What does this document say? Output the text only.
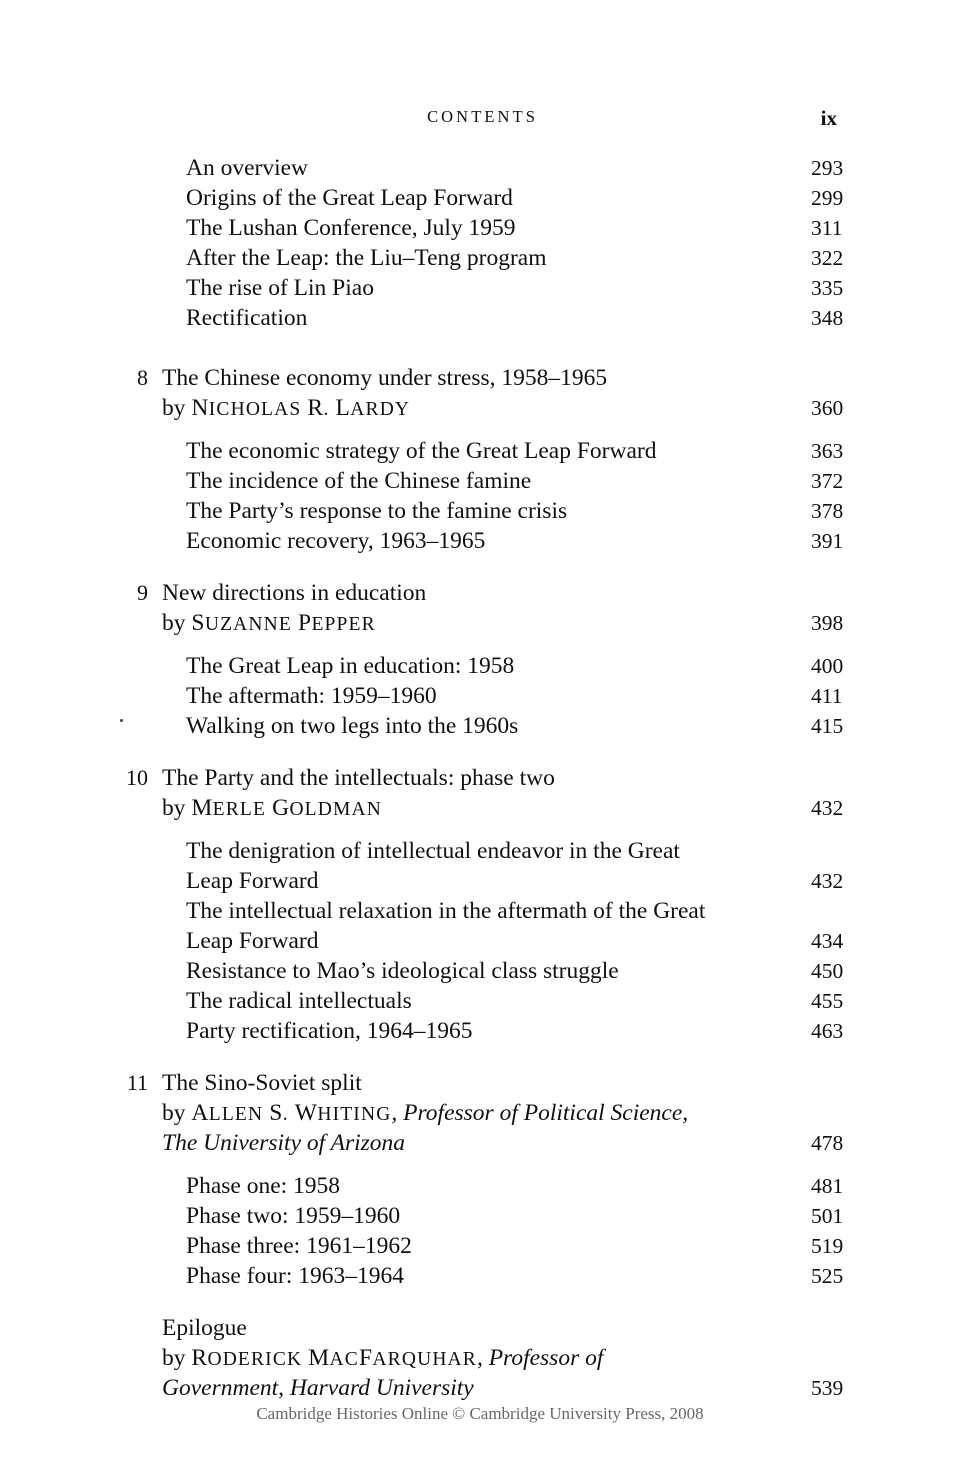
CONTENTS	ix
An overview	293
Origins of the Great Leap Forward	299
The Lushan Conference, July 1959	311
After the Leap: the Liu–Teng program	322
The rise of Lin Piao	335
Rectification	348
8 The Chinese economy under stress, 1958–1965
by NICHOLAS R. LARDY	360
The economic strategy of the Great Leap Forward	363
The incidence of the Chinese famine	372
The Party’s response to the famine crisis	378
Economic recovery, 1963–1965	391
9 New directions in education
by SUZANNE PEPPER	398
The Great Leap in education: 1958	400
The aftermath: 1959–1960	411
Walking on two legs into the 1960s	415
10 The Party and the intellectuals: phase two
by MERLE GOLDMAN	432
The denigration of intellectual endeavor in the Great
Leap Forward	432
The intellectual relaxation in the aftermath of the Great
Leap Forward	434
Resistance to Mao’s ideological class struggle	450
The radical intellectuals	455
Party rectification, 1964–1965	463
11 The Sino-Soviet split
by ALLEN S. WHITING, Professor of Political Science,
The University of Arizona	478
Phase one: 1958	481
Phase two: 1959–1960	501
Phase three: 1961–1962	519
Phase four: 1963–1964	525
Epilogue
by RODERICK MACFARQUHAR, Professor of
Government, Harvard University	539
Cambridge Histories Online © Cambridge University Press, 2008
